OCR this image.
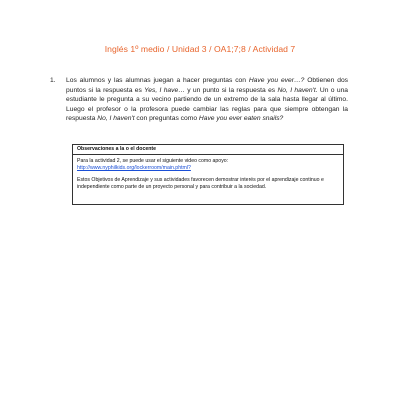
Inglés 1º medio / Unidad 3 / OA1;7;8 / Actividad 7
1. Los alumnos y las alumnas juegan a hacer preguntas con Have you ever…? Obtienen dos puntos si la respuesta es Yes, I have… y un punto si la respuesta es No, I haven't. Un o una estudiante le pregunta a su vecino partiendo de un extremo de la sala hasta llegar al último. Luego el profesor o la profesora puede cambiar las reglas para que siempre obtengan la respuesta No, I haven't con preguntas como Have you ever eaten snails?
Observaciones a la o el docente

Para la actividad 2, se puede usar el siguiente video como apoyo:

http://www.nyphilkids.org/lockerroom/main.phtml?

Estos Objetivos de Aprendizaje y sus actividades favorecen demostrar interés por el aprendizaje continuo e independiente como parte de un proyecto personal y para contribuir a la sociedad.
